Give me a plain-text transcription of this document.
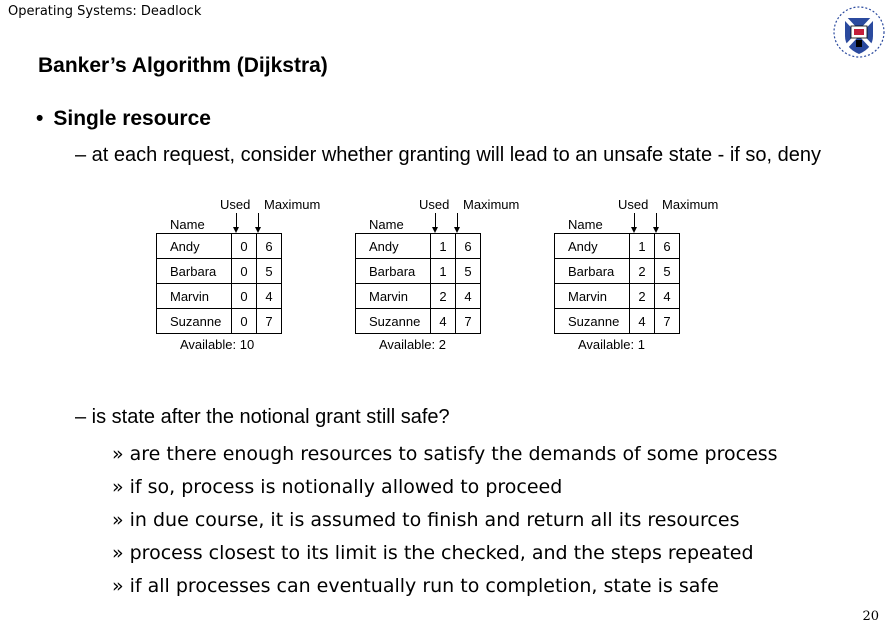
Operating Systems: Deadlock
Banker’s Algorithm (Dijkstra)
• Single resource
– at each request, consider whether granting will lead to an unsafe state - if so, deny
Used Maximum
Name
Andy	0	6
Barbara	0	5
Marvin	0	4
Suzanne	0	7
Available: 10
Used Maximum
Name
Andy	1	6
Barbara	1	5
Marvin	2	4
Suzanne	4	7
Available: 2
Used Maximum
Name
Andy	1	6
Barbara	2	5
Marvin	2	4
Suzanne	4	7
Available: 1
– is state after the notional grant still safe?
» are there enough resources to satisfy the demands of some process
» if so, process is notionally allowed to proceed
» in due course, it is assumed to finish and return all its resources
» process closest to its limit is the checked, and the steps repeated
» if all processes can eventually run to completion, state is safe
20
